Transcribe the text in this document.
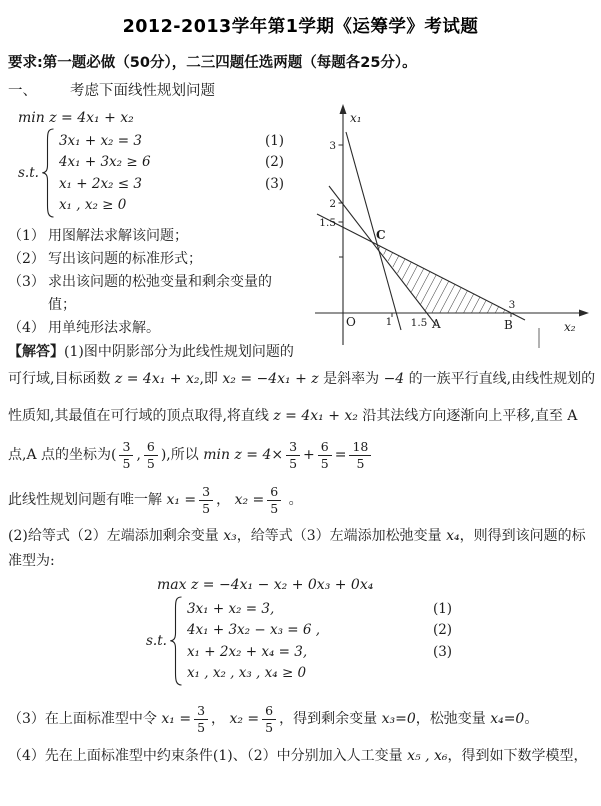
2012-2013学年第1学期《运筹学》考试题
要求:第一题必做（50分），二三四题任选两题（每题各25分）。
一、	考虑下面线性规划问题
min z = 4x₁ + x₂
s.t.
3x₁ + x₂ = 3	(1)
4x₁ + 3x₂ ≥ 6	(2)
x₁ + 2x₂ ≤ 3	(3)
x₁ , x₂ ≥ 0
（1） 用图解法求解该问题；
（2） 写出该问题的标准形式；
（3） 求出该问题的松弛变量和剩余变量的值；
（4） 用单纯形法求解。
【解答】(1)图中阴影部分为此线性规划问题的
x₁
x₂
3
2
1.5
1 1.5
3
O
C
A	B
可行域,目标函数 z = 4x₁ + x₂,即 x₂ = −4x₁ + z 是斜率为 −4 的一族平行直线,由线性规划的
性质知,其最值在可行域的顶点取得,将直线 z = 4x₁ + x₂ 沿其法线方向逐渐向上平移,直至 A
点,A 点的坐标为( $\frac{3}{5}$ , $\frac{6}{5}$ ),所以 $\min z = 4\times \frac{3}{5} + \frac{6}{5} = \frac{18}{5}$
此线性规划问题有唯一解 $x_1 = \frac{3}{5}$ ， $x_2 = \frac{6}{5}$ 。
(2)给等式（2）左端添加剩余变量 x₃，给等式（3）左端添加松弛变量 x₄，则得到该问题的标
准型为:
max z = −4x₁ − x₂ + 0x₃ + 0x₄
s.t.
3x₁ + x₂ = 3,	(1)
4x₁ + 3x₂ − x₃ = 6 ,	(2)
x₁ + 2x₂ + x₄ = 3,	(3)
x₁ , x₂ , x₃ , x₄ ≥ 0
（3）在上面标准型中令 $x_1 = \frac{3}{5}$ ， $x_2 = \frac{6}{5}$ ，得到剩余变量 x₃=0，松弛变量 x₄=0。
（4）先在上面标准型中约束条件(1)、（2）中分别加入人工变量 x₅ , x₆，得到如下数学模型，
